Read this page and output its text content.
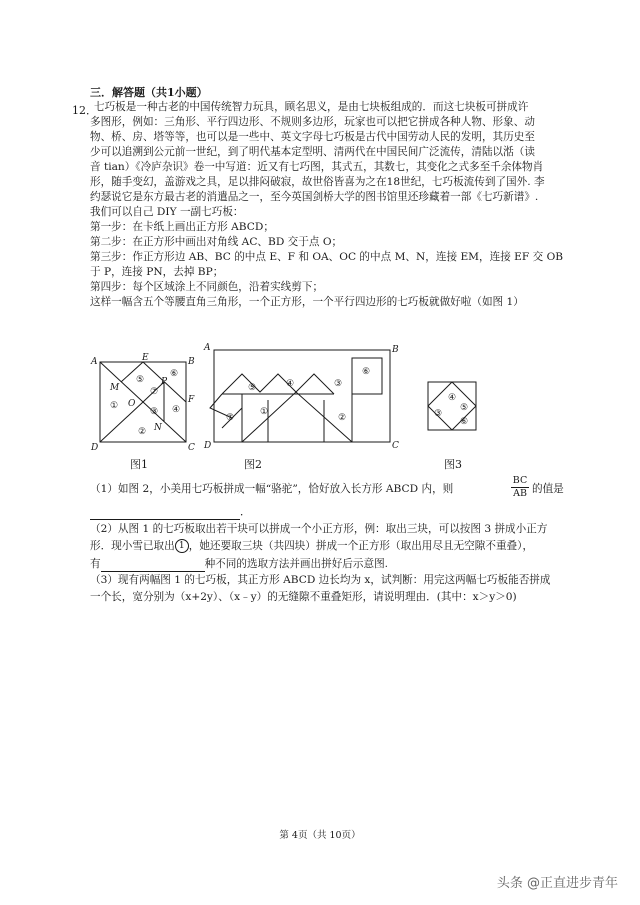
三．解答题（共1小题）
12．
七巧板是一种古老的中国传统智力玩具，顾名思义，是由七块板组成的．而这七块板可拼成许
多图形，例如：三角形、平行四边形、不规则多边形，玩家也可以把它拼成各种人物、形象、动
物、桥、房、塔等等，也可以是一些中、英文字母七巧板是古代中国劳动人民的发明，其历史至
少可以追溯到公元前一世纪，到了明代基本定型明、清两代在中国民间广泛流传，清陆以湉（读
音 tian）《冷庐杂识》卷一中写道：近又有七巧图，其式五，其数七，其变化之式多至千余体物肖
形，随手变幻，盖游戏之具，足以排闷破寂，故世俗皆喜为之在18世纪，七巧板流传到了国外. 李
约瑟说它是东方最古老的消遣品之一，至今英国剑桥大学的图书馆里还珍藏着一部《七巧新谱》.
我们可以自己 DIY 一副七巧板：
第一步：在卡纸上画出正方形 ABCD；
第二步：在正方形中画出对角线 AC、BD 交于点 O；
第三步：作正方形边 AB、BC 的中点 E、F 和 OA、OC 的中点 M、N，连接 EM，连接 EF 交 OB
于 P，连接 PN，去掉 BP；
第四步：每个区域涂上不同颜色，沿着实线剪下；
这样一幅含五个等腰直角三角形，一个正方形，一个平行四边形的七巧板就做好啦（如图 1）
A	E	B
M
P
F
O
N
D	C
①
⑦
⑤
③ ④
②
⑥
图1
A	B
D	C
⑤	④	③
⑥
②
⑦
①
图2
④
⑤
③
⑥
图3
（1）如图 2，小美用七巧板拼成一幅“骆驼”，恰好放入长方形 ABCD 内，则
BC
AB 的值是
．
（2）从图 1 的七巧板取出若干块可以拼成一个小正方形，例：取出三块，可以按图 3 拼成小正方
形．现小雪已取出 1 ，她还要取三块（共四块）拼成一个正方形（取出用尽且无空隙不重叠），
有	种不同的选取方法并画出拼好后示意图.
（3）现有两幅图 1 的七巧板，其正方形 ABCD 边长均为 x，试判断：用完这两幅七巧板能否拼成
一个长，宽分别为（x+2y）、（x﹣y）的无缝隙不重叠矩形，请说明理由．(其中：x＞y＞0)
第 4页（共 10页）
头条 @正直进步青年
